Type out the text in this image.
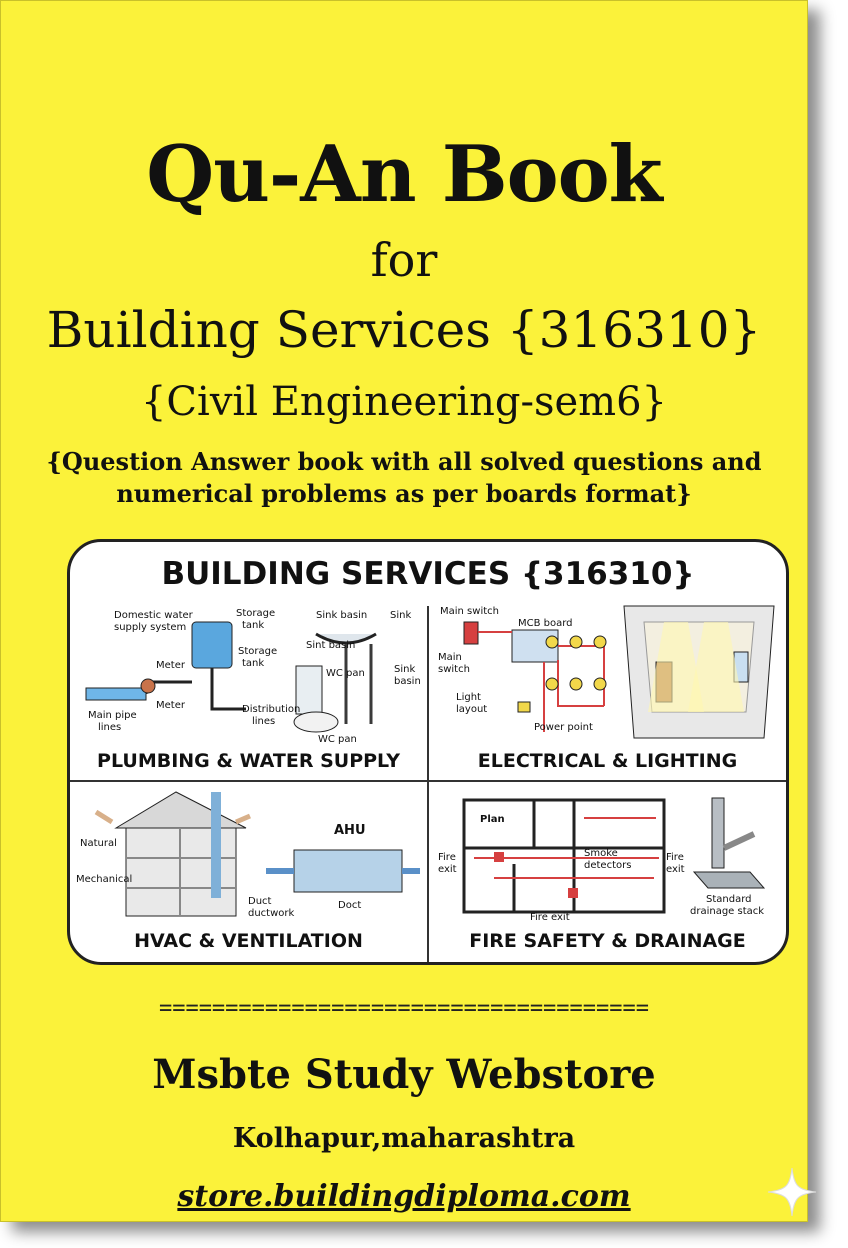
Qu-An Book

for

Building Services {316310}

{Civil Engineering-sem6}

{Question Answer book with all solved questions and
numerical problems as per boards format}
BUILDING SERVICES {316310}
Domestic water
supply system
Storage
tank
Storage
tank
Meter
Meter
Main pipe
lines
Distribution
lines
Sink basin Sink
Sint basin
WC pan	Sink
basin
WC pan
PLUMBING & WATER SUPPLY
Main switch
MCB board
Main
switch
Light
layout
Power point
ELECTRICAL & LIGHTING
Natural
Mechanical
AHU
Duct
ductwork
Doct
HVAC & VENTILATION
Plan
Fire
exit
Smoke
detectors
Fire
exit
Fire exit
Standard
drainage stack
FIRE SAFETY & DRAINAGE

=====================================

Msbte Study Webstore

Kolhapur,maharashtra

store.buildingdiploma.com
